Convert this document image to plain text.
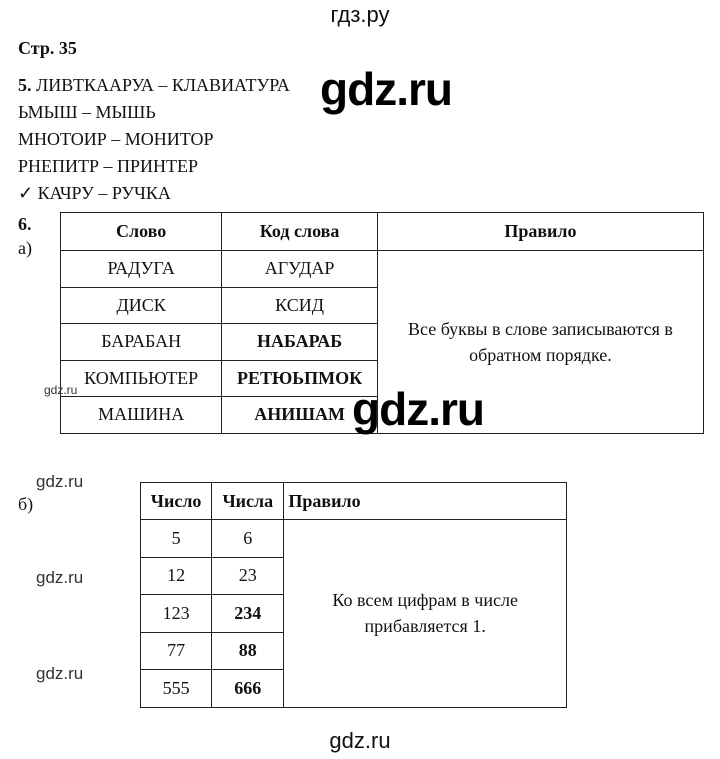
гдз.ру
Стр. 35
5. ЛИВТКААРУА – КЛАВИАТУРА
ЬМЫШ – МЫШЬ
МНОТОИР – МОНИТОР
РНЕПИТР – ПРИНТЕР
✓ КАЧРУ – РУЧКА
6.
а)
Слово	Код слова	Правило
РАДУГА	АГУДАР	Все буквы в слове записываются в обратном порядке.
ДИСК	КСИД	
БАРАБАН	НАБАРАБ	
КОМПЬЮТЕР	РЕТЮЬПМОК	
МАШИНА	АНИШАМ	
б)	Число	Числа	Правило
5	6	Ко всем цифрам в числе прибавляется 1.
12	23	
123	234	
77	88	
555	666	
gdz.ru
gdz.ru
gdz.ru
gdz.ru
gdz.ru
gdz.ru
gdz.ru
